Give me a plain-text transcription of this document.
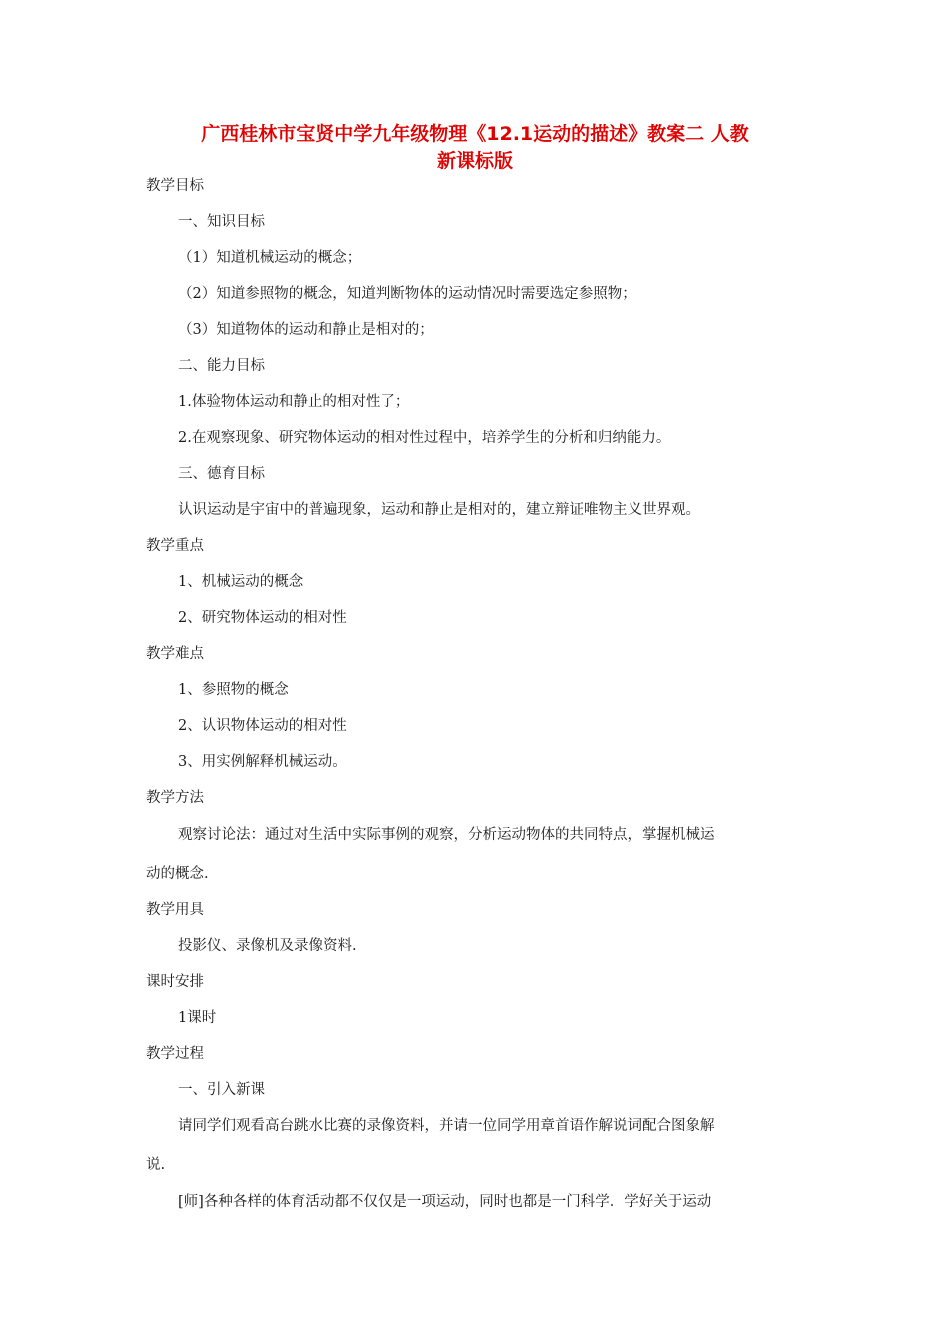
广西桂林市宝贤中学九年级物理《12.1运动的描述》教案二 人教
新课标版
教学目标
一、知识目标
（1）知道机械运动的概念；
（2）知道参照物的概念，知道判断物体的运动情况时需要选定参照物；
（3）知道物体的运动和静止是相对的；
二、能力目标
1.体验物体运动和静止的相对性了；
2.在观察现象、研究物体运动的相对性过程中，培养学生的分析和归纳能力。
三、德育目标
认识运动是宇宙中的普遍现象，运动和静止是相对的，建立辩证唯物主义世界观。
教学重点
1、机械运动的概念
2、研究物体运动的相对性
教学难点
1、参照物的概念
2、认识物体运动的相对性
3、用实例解释机械运动。
教学方法
观察讨论法：通过对生活中实际事例的观察，分析运动物体的共同特点，掌握机械运
动的概念.
教学用具
投影仪、录像机及录像资料.
课时安排
1课时
教学过程
一、引入新课
请同学们观看高台跳水比赛的录像资料，并请一位同学用章首语作解说词配合图象解
说.
[师]各种各样的体育活动都不仅仅是一项运动，同时也都是一门科学．学好关于运动
